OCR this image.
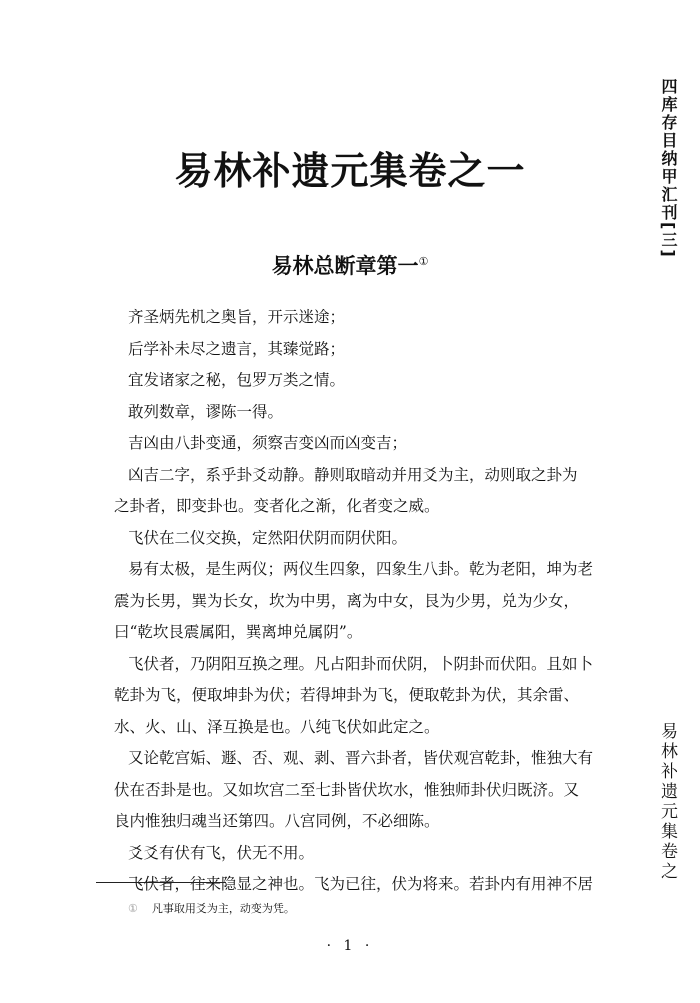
易林补遗元集卷之一
易林总断章第一①
四库存目纳甲汇刊[三]
易林补遗元集卷之
齐圣炳先机之奥旨，开示迷途；
后学补未尽之遗言，其臻觉路；
宜发诸家之秘，包罗万类之情。
敢列数章，谬陈一得。
吉凶由八卦变通，须察吉变凶而凶变吉；
凶吉二字，系乎卦爻动静。静则取暗动并用爻为主，动则取之卦为
之卦者，即变卦也。变者化之渐，化者变之威。
飞伏在二仪交换，定然阳伏阴而阴伏阳。
易有太极，是生两仪；两仪生四象，四象生八卦。乾为老阳，坤为老
震为长男，巽为长女，坎为中男，离为中女，艮为少男，兑为少女，
曰“乾坎艮震属阳，巽离坤兑属阴”。
飞伏者，乃阴阳互换之理。凡占阳卦而伏阴，卜阴卦而伏阳。且如卜
乾卦为飞，便取坤卦为伏；若得坤卦为飞，便取乾卦为伏，其余雷、
水、火、山、泽互换是也。八纯飞伏如此定之。
又论乾宫姤、遯、否、观、剥、晋六卦者，皆伏观宫乾卦，惟独大有
伏在否卦是也。又如坎宫二至七卦皆伏坎水，惟独师卦伏归既济。又
良内惟独归魂当还第四。八宫同例，不必细陈。
爻爻有伏有飞，伏无不用。
飞伏者，往来隐显之神也。飞为已往，伏为将来。若卦内有用神不居
① 凡事取用爻为主，动变为凭。
· 1 ·
